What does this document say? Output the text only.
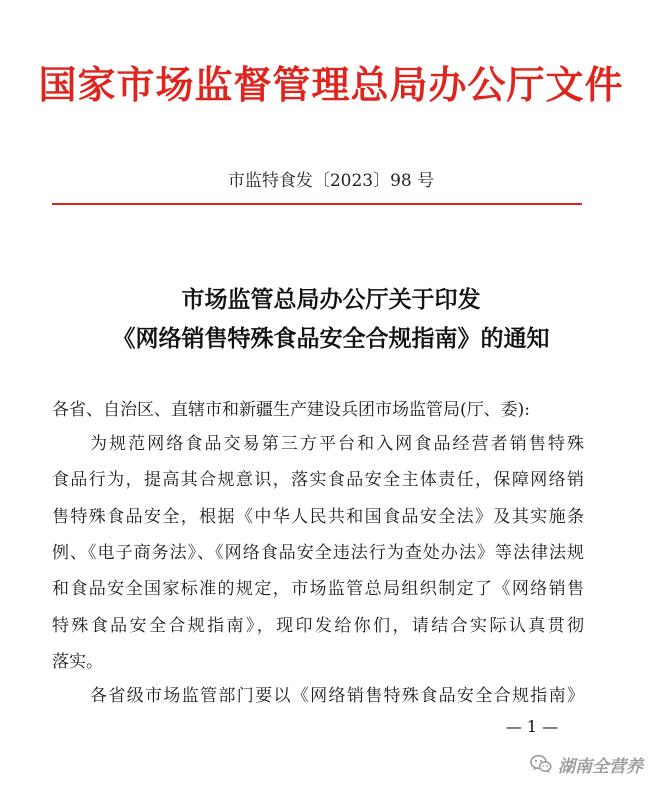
国家市场监督管理总局办公厅文件
市监特食发〔2023〕98 号
市场监管总局办公厅关于印发
《网络销售特殊食品安全合规指南》的通知
各省、自治区、直辖市和新疆生产建设兵团市场监管局(厅、委):
为规范网络食品交易第三方平台和入网食品经营者销售特殊
食品行为，提高其合规意识，落实食品安全主体责任，保障网络销
售特殊食品安全，根据《中华人民共和国食品安全法》及其实施条
例、《电子商务法》、《网络食品安全违法行为查处办法》等法律法规
和食品安全国家标准的规定，市场监管总局组织制定了《网络销售
特殊食品安全合规指南》，现印发给你们，请结合实际认真贯彻
落实。
各省级市场监管部门要以《网络销售特殊食品安全合规指南》
— 1 —
湖南全营养
